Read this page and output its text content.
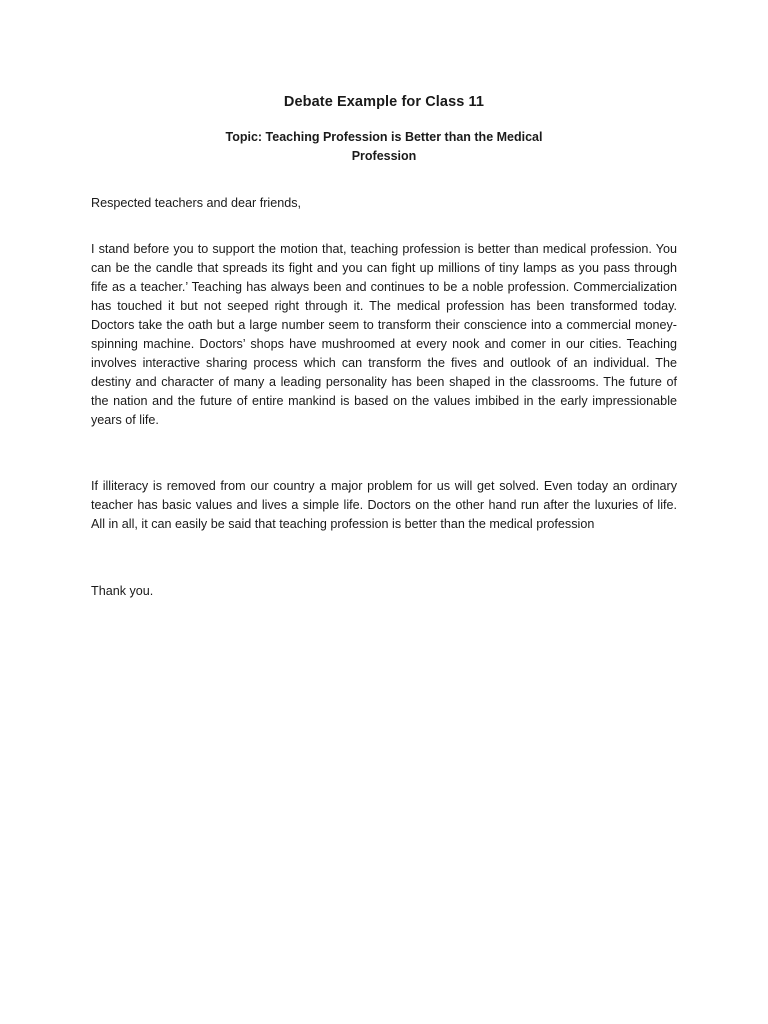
Debate Example for Class 11
Topic: Teaching Profession is Better than the Medical Profession

Respected teachers and dear friends,

I stand before you to support the motion that, teaching profession is better than medical profession. You can be the candle that spreads its fight and you can fight up millions of tiny lamps as you pass through fife as a teacher.’ Teaching has always been and continues to be a noble profession. Commercialization has touched it but not seeped right through it. The medical profession has been transformed today. Doctors take the oath but a large number seem to transform their conscience into a commercial money-spinning machine. Doctors’ shops have mushroomed at every nook and comer in our cities. Teaching involves interactive sharing process which can transform the fives and outlook of an individual. The destiny and character of many a leading personality has been shaped in the classrooms. The future of the nation and the future of entire mankind is based on the values imbibed in the early impressionable years of life.

If illiteracy is removed from our country a major problem for us will get solved. Even today an ordinary teacher has basic values and lives a simple life. Doctors on the other hand run after the luxuries of life. All in all, it can easily be said that teaching profession is better than the medical profession

Thank you.
